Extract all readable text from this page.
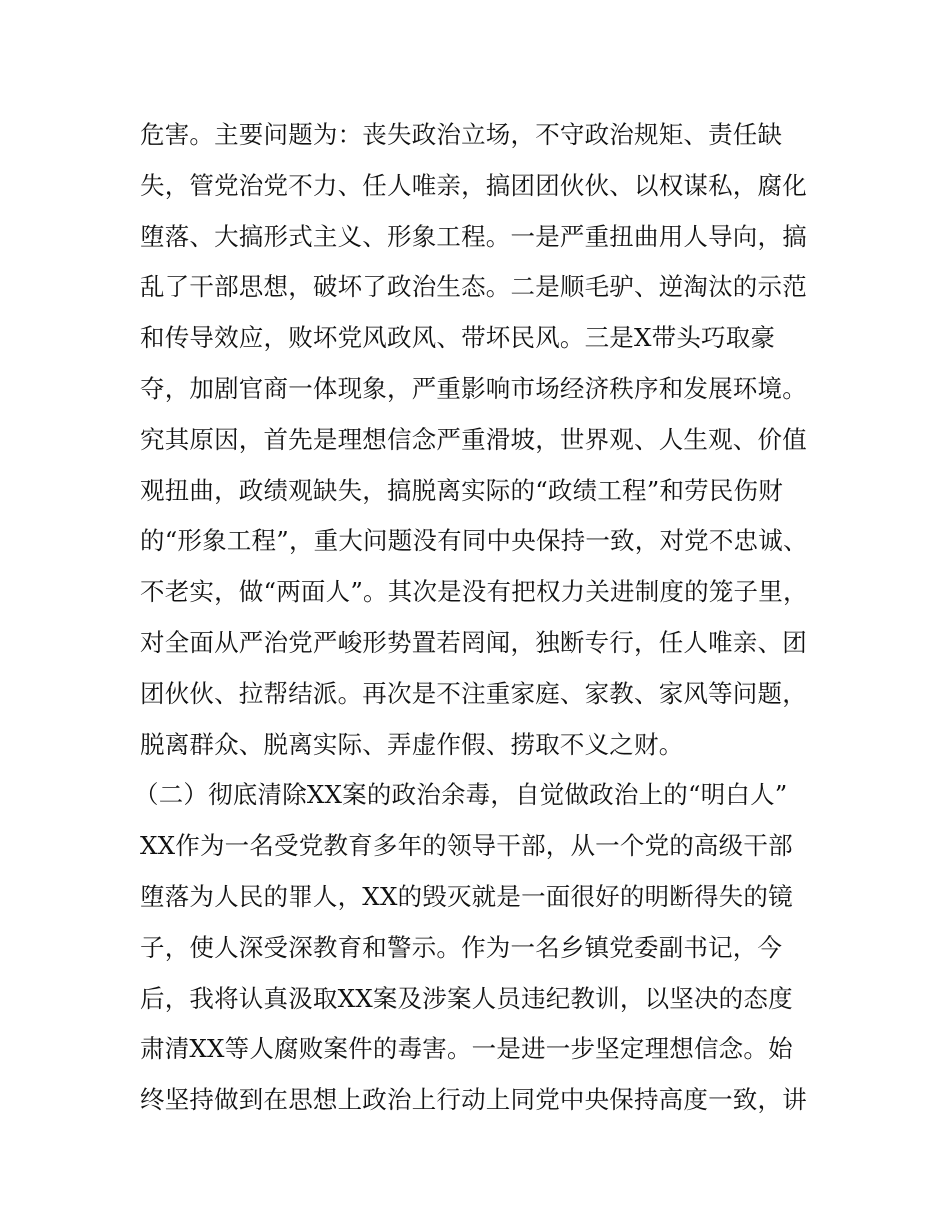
危害。主要问题为：丧失政治立场，不守政治规矩、责任缺
失，管党治党不力、任人唯亲，搞团团伙伙、以权谋私，腐化
堕落、大搞形式主义、形象工程。一是严重扭曲用人导向，搞
乱了干部思想，破坏了政治生态。二是顺毛驴、逆淘汰的示范
和传导效应，败坏党风政风、带坏民风。三是X带头巧取豪
夺，加剧官商一体现象，严重影响市场经济秩序和发展环境。
究其原因，首先是理想信念严重滑坡，世界观、人生观、价值
观扭曲，政绩观缺失，搞脱离实际的“政绩工程”和劳民伤财
的“形象工程”，重大问题没有同中央保持一致，对党不忠诚、
不老实，做“两面人”。其次是没有把权力关进制度的笼子里，
对全面从严治党严峻形势置若罔闻，独断专行，任人唯亲、团
团伙伙、拉帮结派。再次是不注重家庭、家教、家风等问题，
脱离群众、脱离实际、弄虚作假、捞取不义之财。
（二）彻底清除XX案的政治余毒，自觉做政治上的“明白人”
XX作为一名受党教育多年的领导干部，从一个党的高级干部
堕落为人民的罪人，XX的毁灭就是一面很好的明断得失的镜
子，使人深受深教育和警示。作为一名乡镇党委副书记，今
后，我将认真汲取XX案及涉案人员违纪教训，以坚决的态度
肃清XX等人腐败案件的毒害。一是进一步坚定理想信念。始
终坚持做到在思想上政治上行动上同党中央保持高度一致，讲
